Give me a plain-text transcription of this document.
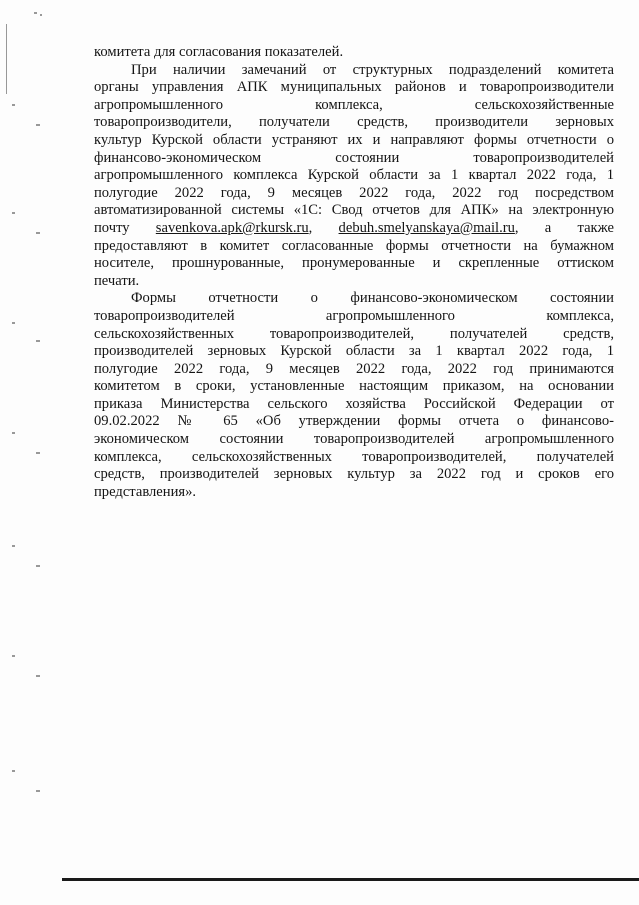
комитета для согласования показателей.
При наличии замечаний от структурных подразделений комитета
органы управления АПК муниципальных районов и товаропроизводители
агропромышленного комплекса, сельскохозяйственные
товаропроизводители, получатели средств, производители зерновых
культур Курской области устраняют их и направляют формы отчетности о
финансово-экономическом состоянии товаропроизводителей
агропромышленного комплекса Курской области за 1 квартал 2022 года, 1
полугодие 2022 года, 9 месяцев 2022 года, 2022 год посредством
автоматизированной системы «1С: Свод отчетов для АПК» на электронную
почту savenkova.apk@rkursk.ru, debuh.smelyanskaya@mail.ru, а также
предоставляют в комитет согласованные формы отчетности на бумажном
носителе, прошнурованные, пронумерованные и скрепленные оттиском
печати.
Формы отчетности о финансово-экономическом состоянии
товаропроизводителей агропромышленного комплекса,
сельскохозяйственных товаропроизводителей, получателей средств,
производителей зерновых Курской области за 1 квартал 2022 года, 1
полугодие 2022 года, 9 месяцев 2022 года, 2022 год принимаются
комитетом в сроки, установленные настоящим приказом, на основании
приказа Министерства сельского хозяйства Российской Федерации от
09.02.2022 № 65 «Об утверждении формы отчета о финансово-
экономическом состоянии товаропроизводителей агропромышленного
комплекса, сельскохозяйственных товаропроизводителей, получателей
средств, производителей зерновых культур за 2022 год и сроков его
представления».
